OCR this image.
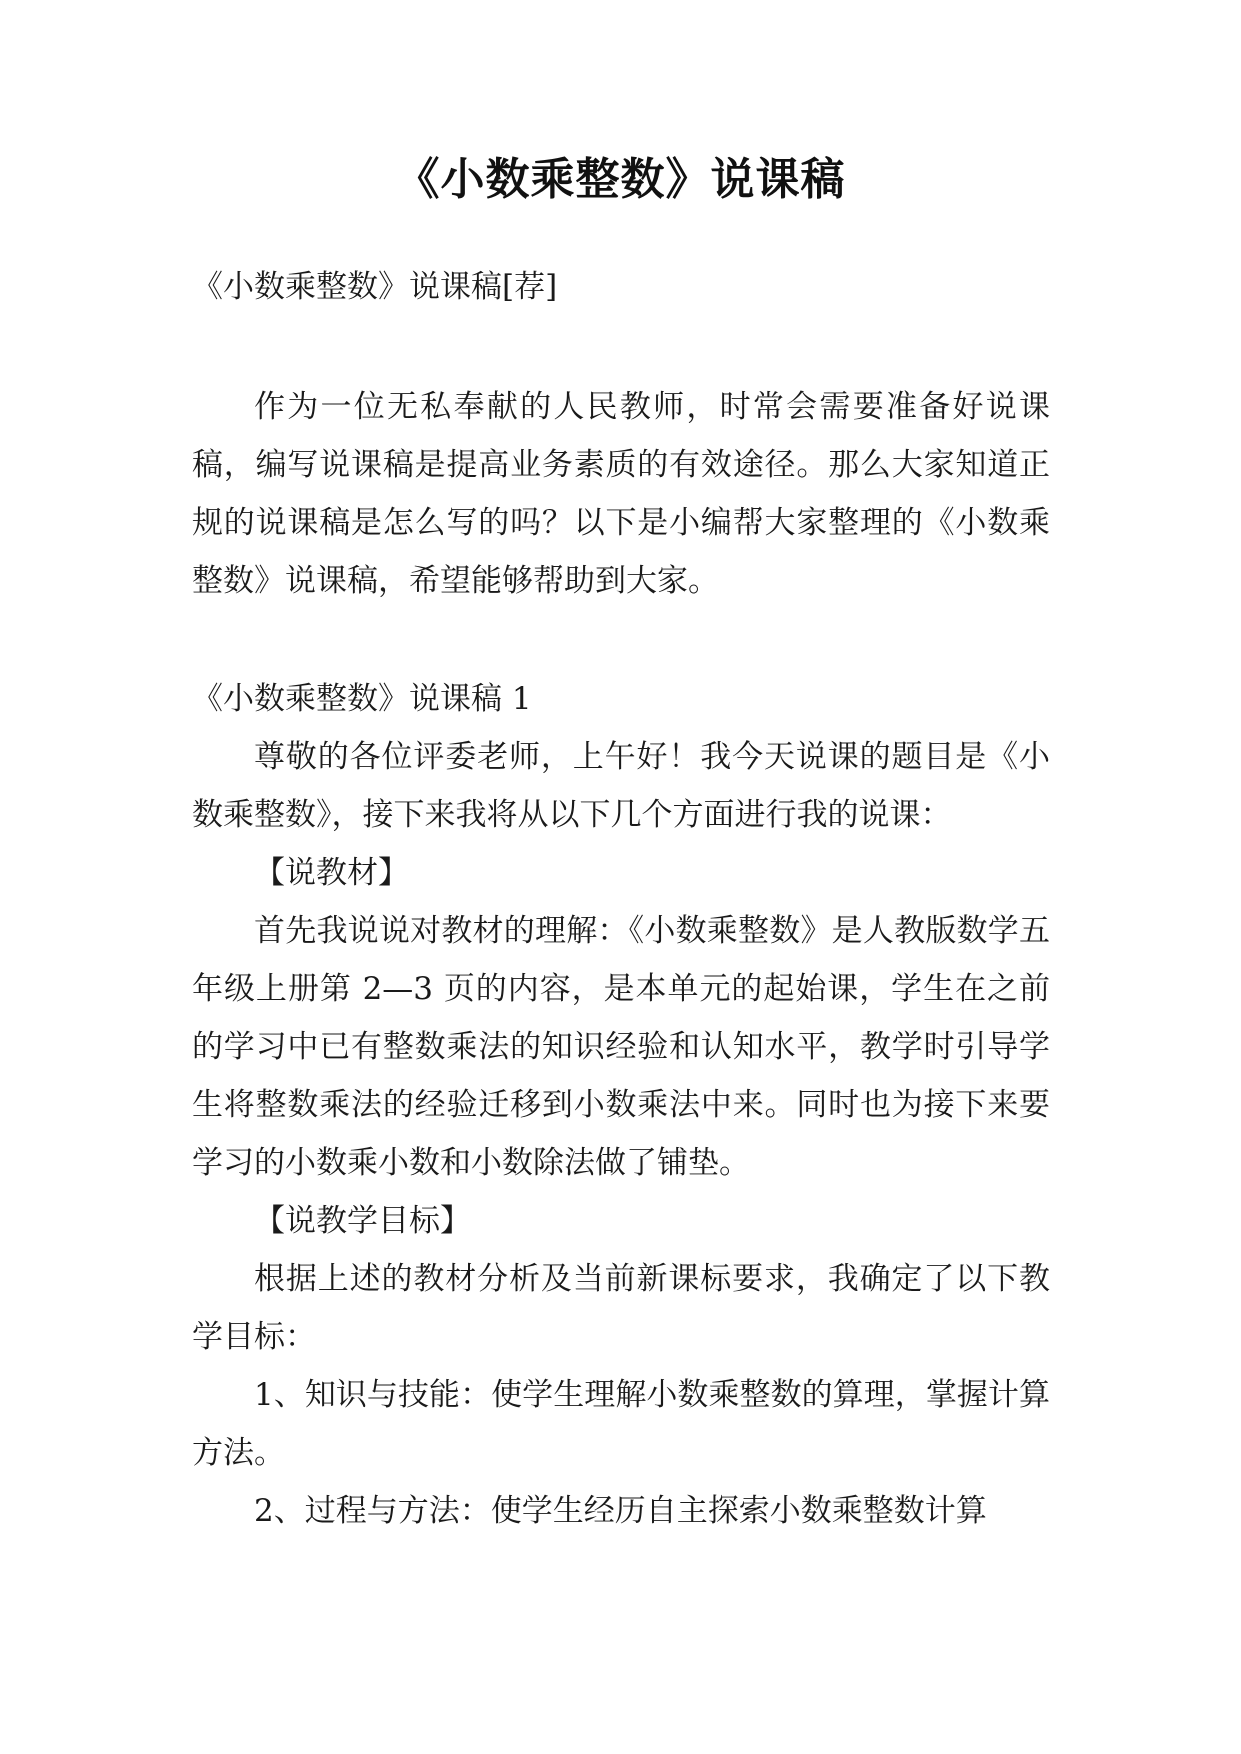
《小数乘整数》说课稿

《小数乘整数》说课稿[荐]

作为一位无私奉献的人民教师，时常会需要准备好说课稿，编写说课稿是提高业务素质的有效途径。那么大家知道正规的说课稿是怎么写的吗？以下是小编帮大家整理的《小数乘整数》说课稿，希望能够帮助到大家。

《小数乘整数》说课稿 1

尊敬的各位评委老师，上午好！我今天说课的题目是《小数乘整数》，接下来我将从以下几个方面进行我的说课：

【说教材】

首先我说说对教材的理解：《小数乘整数》是人教版数学五年级上册第 2—3 页的内容，是本单元的起始课，学生在之前的学习中已有整数乘法的知识经验和认知水平，教学时引导学生将整数乘法的经验迁移到小数乘法中来。同时也为接下来要学习的小数乘小数和小数除法做了铺垫。

【说教学目标】

根据上述的教材分析及当前新课标要求，我确定了以下教学目标：

1、知识与技能：使学生理解小数乘整数的算理，掌握计算方法。

2、过程与方法：使学生经历自主探索小数乘整数计算
